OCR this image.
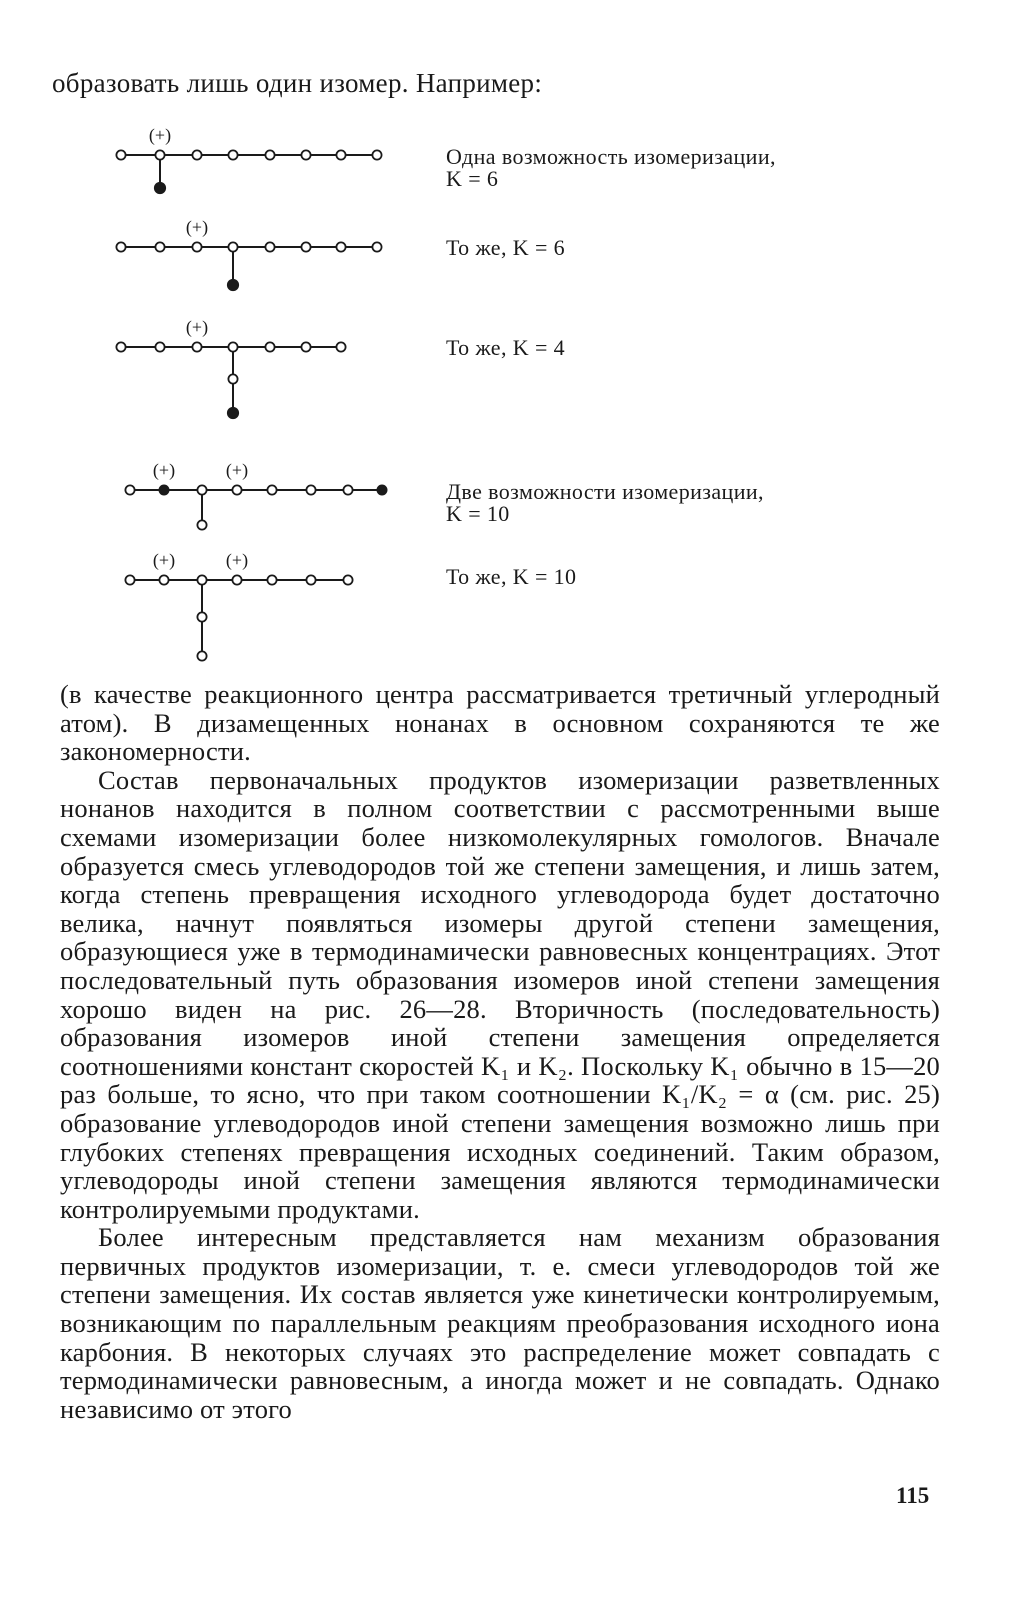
образовать лишь один изомер. Например:

(+)
(+)
(+)
(+)	(+)
(+)	(+)

Одна возможность изомеризации,
K = 6

То же, K = 6

То же, K = 4

Две возможности изомеризации,
K = 10

То же, K = 10

(в качестве реакционного центра рассматривается третичный углеродный атом). В дизамещенных нонанах в основном сохраняются те же закономерности.

Состав первоначальных продуктов изомеризации разветвленных нонанов находится в полном соответствии с рассмотренными выше схемами изомеризации более низкомолекулярных гомологов. Вначале образуется смесь углеводородов той же степени замещения, и лишь затем, когда степень превращения исходного углеводорода будет достаточно велика, начнут появляться изомеры другой степени замещения, образующиеся уже в термодинамически равновесных концентрациях. Этот последовательный путь образования изомеров иной степени замещения хорошо виден на рис. 26—28. Вторичность (последовательность) образования изомеров иной степени замещения определяется соотношениями констант скоростей K₁ и K₂. Поскольку K₁ обычно в 15—20 раз больше, то ясно, что при таком соотношении K₁/K₂ = α (см. рис. 25) образование углеводородов иной степени замещения возможно лишь при глубоких степенях превращения исходных соединений. Таким образом, углеводороды иной степени замещения являются термодинамически контролируемыми продуктами.

Более интересным представляется нам механизм образования первичных продуктов изомеризации, т. е. смеси углеводородов той же степени замещения. Их состав является уже кинетически контролируемым, возникающим по параллельным реакциям преобразования исходного иона карбония. В некоторых случаях это распределение может совпадать с термодинамически равновесным, а иногда может и не совпадать. Однако независимо от этого

115
